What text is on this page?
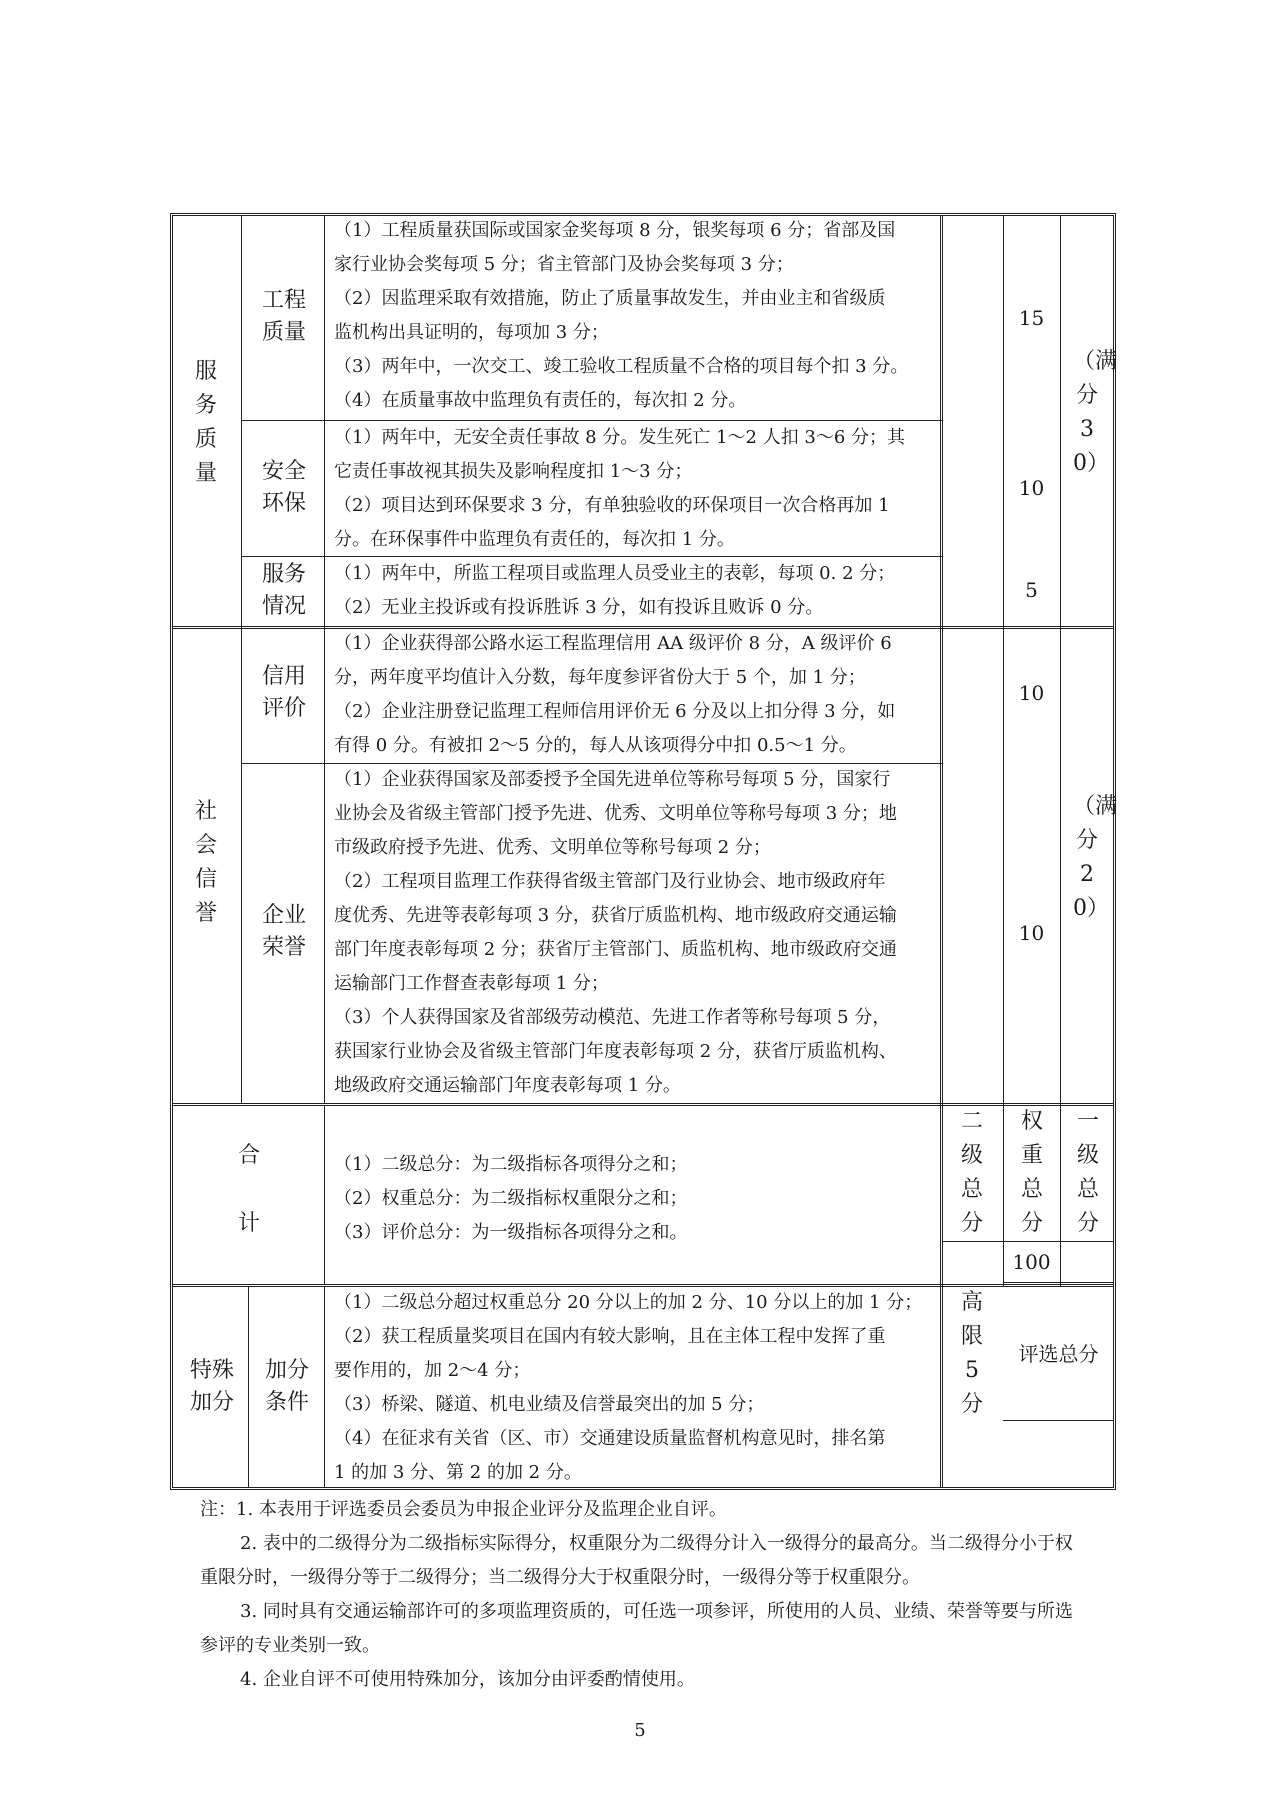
服
务
质
量
工程质量
（1）工程质量获国际或国家金奖每项 8 分，银奖每项 6 分；省部及国
家行业协会奖每项 5 分；省主管部门及协会奖每项 3 分；
（2）因监理采取有效措施，防止了质量事故发生，并由业主和省级质
监机构出具证明的，每项加 3 分；
（3）两年中，一次交工、竣工验收工程质量不合格的项目每个扣 3 分。
（4）在质量事故中监理负有责任的，每次扣 2 分。
15
安全环保
（1）两年中，无安全责任事故 8 分。发生死亡 1～2 人扣 3～6 分；其
它责任事故视其损失及影响程度扣 1～3 分；
（2）项目达到环保要求 3 分，有单独验收的环保项目一次合格再加 1
分。在环保事件中监理负有责任的，每次扣 1 分。
10
服务情况
（1）两年中，所监工程项目或监理人员受业主的表彰，每项 0. 2 分；
（2）无业主投诉或有投诉胜诉 3 分，如有投诉且败诉 0 分。
5
（满分30）
社
会
信
誉
信用评价
（1）企业获得部公路水运工程监理信用 AA 级评价 8 分，A 级评价 6
分，两年度平均值计入分数，每年度参评省份大于 5 个，加 1 分；
（2）企业注册登记监理工程师信用评价无 6 分及以上扣分得 3 分，如
有得 0 分。有被扣 2～5 分的，每人从该项得分中扣 0.5～1 分。
10
企业荣誉
（1）企业获得国家及部委授予全国先进单位等称号每项 5 分，国家行
业协会及省级主管部门授予先进、优秀、文明单位等称号每项 3 分；地
市级政府授予先进、优秀、文明单位等称号每项 2 分；
（2）工程项目监理工作获得省级主管部门及行业协会、地市级政府年
度优秀、先进等表彰每项 3 分，获省厅质监机构、地市级政府交通运输
部门年度表彰每项 2 分；获省厅主管部门、质监机构、地市级政府交通
运输部门工作督查表彰每项 1 分；
（3）个人获得国家及省部级劳动模范、先进工作者等称号每项 5 分，
获国家行业协会及省级主管部门年度表彰每项 2 分，获省厅质监机构、
地级政府交通运输部门年度表彰每项 1 分。
10
（满分20）
合
计
（1）二级总分：为二级指标各项得分之和；
（2）权重总分：为二级指标权重限分之和；
（3）评价总分：为一级指标各项得分之和。
二级总分
权重总分
一级总分
100
特殊加分
加分条件
（1）二级总分超过权重总分 20 分以上的加 2 分、10 分以上的加 1 分；
（2）获工程质量奖项目在国内有较大影响，且在主体工程中发挥了重
要作用的，加 2～4 分；
（3）桥梁、隧道、机电业绩及信誉最突出的加 5 分；
（4）在征求有关省（区、市）交通建设质量监督机构意见时，排名第
1 的加 3 分、第 2 的加 2 分。
高限5分
评选总分
注：1. 本表用于评选委员会委员为申报企业评分及监理企业自评。
2. 表中的二级得分为二级指标实际得分，权重限分为二级得分计入一级得分的最高分。当二级得分小于权
重限分时，一级得分等于二级得分；当二级得分大于权重限分时，一级得分等于权重限分。
3. 同时具有交通运输部许可的多项监理资质的，可任选一项参评，所使用的人员、业绩、荣誉等要与所选
参评的专业类别一致。
4. 企业自评不可使用特殊加分，该加分由评委酌情使用。
5
